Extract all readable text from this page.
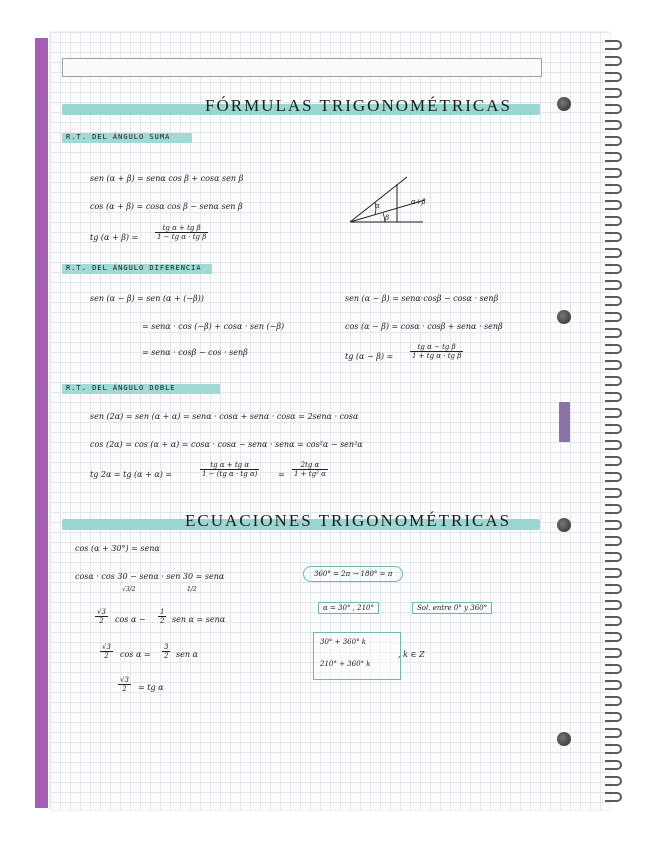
FÓRMULAS TRIGONOMÉTRICAS
R.T. DEL ÁNGULO SUMA
sen (α + β) = senα cos β + cosα sen β
cos (α + β) = cosα cos β − senα sen β
tg $(\alpha + \beta) = \frac{\text{tg α + tg β}}{\text{1 − tg α · tg β}}$
α
β
α+β
R.T. DEL ÁNGULO DIFERENCIA
sen (α − β) = sen (α + (−β))
= senα · cos (−β) + cosα · sen (−β)
= senα · cosβ − cos · senβ
sen (α − β) = senα·cosβ − cosα · senβ
cos (α − β) = cosα · cosβ + senα · senβ
tg $(\alpha - \beta) = \frac{\text{tg α − tg β}}{\text{1 + tg α · tg β}}$
R.T. DEL ÁNGULO DOBLE
sen (2α) = sen (α + α) = senα · cosα + senα · cosα = 2senα · cosα
cos (2α) = cos (α + α) = cosα · cosα − senα · senα = cos²α − sen²α
tg 2α = tg (α + α) =	$\frac{\text{tg α + tg α}}{\text{1 − (tg α · tg α)}} = \frac{\text{2tg α}}{\text{1 + tg² α}}$
ECUACIONES TRIGONOMÉTRICAS
cos (α + 30°) = senα
cosα · cos 30 − senα · sen 30 = senα
√3/2	1/2
$\frac{√3}{2}$ $\cos \alpha - \frac{1}{2}$ sen α = senα
$\frac{√3}{2}$ $\cos \alpha = \frac{3}{2}$ sen α
$\frac{√3}{2}$ = tg α
360° = 2π → 180° = π
α = 30° , 210°	Sol. entre 0° y 360°
30° + 360° k
210° + 360° k
, k ∈ Z
